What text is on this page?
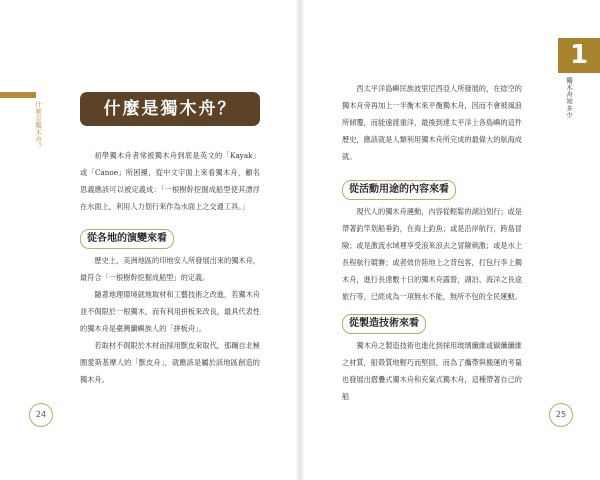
什麼是獨木舟？	什麼是獨木舟？

初學獨木舟者常被獨木舟到底是英文的「Kayak」或「Canoe」所困擾，從中文字面上來看獨木舟，顧名思義應該可以被定義成：「一根樹幹挖掘成船型使其漂浮在水面上，利用人力划行來作為水面上之交通工具。」

從各地的演變來看

歷史上，美洲地區的印地安人所發展出來的獨木舟，最符合「一根樹幹挖掘成船型」的定義。

隨著地理環境就地取材和工藝技術之改進，若獨木舟並不侷限於一根獨木，而有利用拼板來改良，最具代表性的獨木舟是臺灣蘭嶼族人的「拼板舟」。

若取材不侷限於木材而採用獸皮來取代，那蹦自北極圈愛斯基摩人的「獸皮舟」，就應該是屬於該地區創造的獨木舟。

24
1
獨木舟知多少

西太平洋島嶼民族波里尼西亞人所發展的，在捻空的獨木舟旁再加上一半衡木來平衡獨木舟，因而不會被風浪所傾覆，而能遠渡重洋，最後到達太平洋上各島嶼的這件歷史，應該就是人類利用獨木舟所完成的最偉大的航海成就。

從活動用途的內容來看

現代人的獨木舟運動，內容從輕鬆的湖泊划行；或是帶著釣竿划船垂釣，在海上釣魚；或是沿岸航行，跨島冒險；或是激流水域裡享受浪來浪去之冒險刺激；或是水上長程航行競賽；或者效仿陸地上之背包客，打包行李上獨木舟，進行長達數十日的獨木舟露營，湖泊、海洋之長途旅行等，已經成為一項無水不能，無所不包的全民運動。

從製造技術來看

獨木舟之製造技術也進化到採用玻璃纖維或碳纖纖維之材質，船殼質地輕巧而堅固，而為了攜帶與搬運的考量也發展出摺疊式獨木舟和充氣式獨木舟，這種帶著自己的船

25
